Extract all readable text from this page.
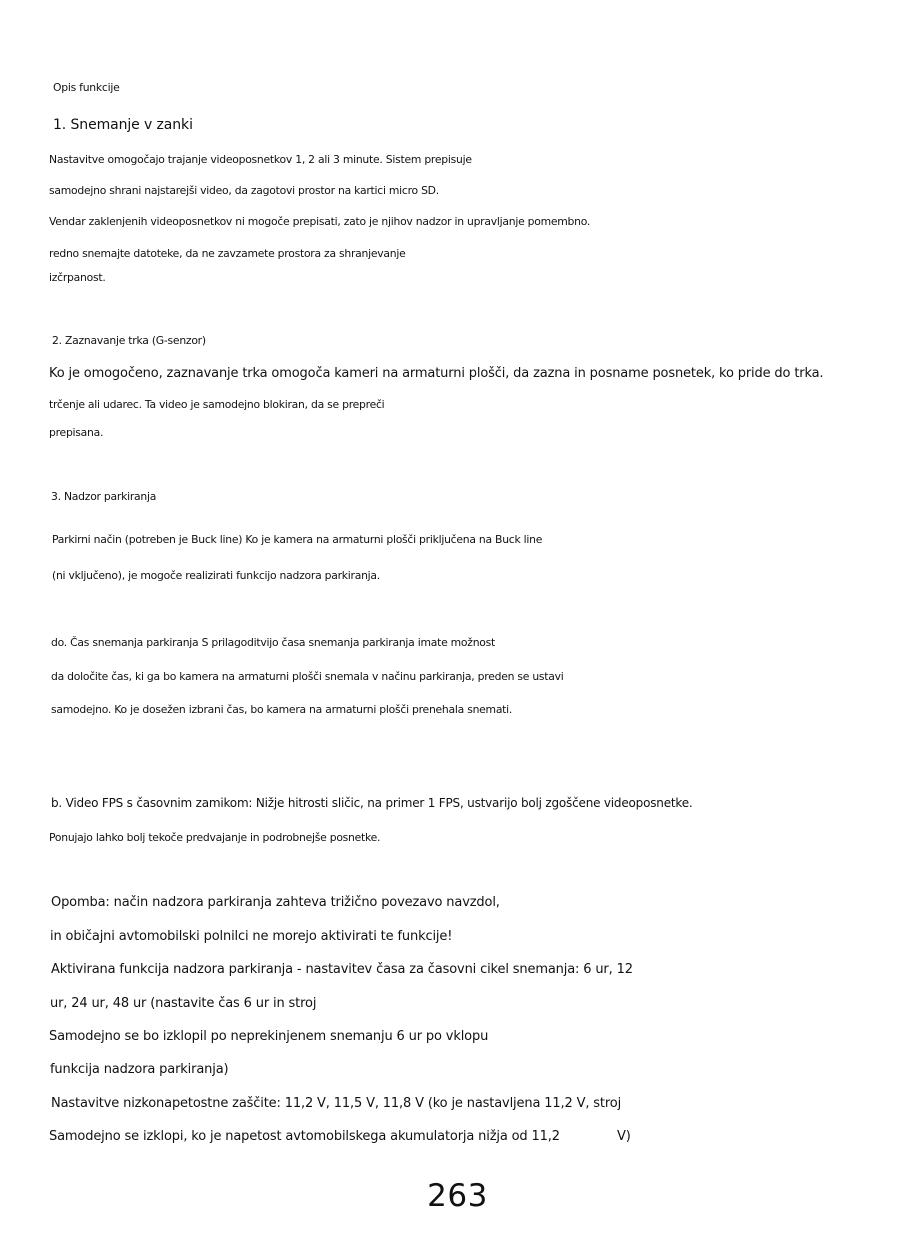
Opis funkcije

1. Snemanje v zanki

Nastavitve omogočajo trajanje videoposnetkov 1, 2 ali 3 minute. Sistem prepisuje

samodejno shrani najstarejši video, da zagotovi prostor na kartici micro SD.

Vendar zaklenjenih videoposnetkov ni mogoče prepisati, zato je njihov nadzor in upravljanje pomembno.

redno snemajte datoteke, da ne zavzamete prostora za shranjevanje

izčrpanost.

2. Zaznavanje trka (G-senzor)

Ko je omogočeno, zaznavanje trka omogoča kameri na armaturni plošči, da zazna in posname posnetek, ko pride do trka.

trčenje ali udarec. Ta video je samodejno blokiran, da se prepreči

prepisana.

3. Nadzor parkiranja

Parkirni način (potreben je Buck line) Ko je kamera na armaturni plošči priključena na Buck line

(ni vključeno), je mogoče realizirati funkcijo nadzora parkiranja.

do. Čas snemanja parkiranja S prilagoditvijo časa snemanja parkiranja imate možnost

da določite čas, ki ga bo kamera na armaturni plošči snemala v načinu parkiranja, preden se ustavi

samodejno. Ko je dosežen izbrani čas, bo kamera na armaturni plošči prenehala snemati.

b. Video FPS s časovnim zamikom: Nižje hitrosti sličic, na primer 1 FPS, ustvarijo bolj zgoščene videoposnetke.

Ponujajo lahko bolj tekoče predvajanje in podrobnejše posnetke.

Opomba: način nadzora parkiranja zahteva trižično povezavo navzdol,

in običajni avtomobilski polnilci ne morejo aktivirati te funkcije!

Aktivirana funkcija nadzora parkiranja - nastavitev časa za časovni cikel snemanja: 6 ur, 12

ur, 24 ur, 48 ur (nastavite čas 6 ur in stroj

Samodejno se bo izklopil po neprekinjenem snemanju 6 ur po vklopu

funkcija nadzora parkiranja)

Nastavitve nizkonapetostne zaščite: 11,2 V, 11,5 V, 11,8 V (ko je nastavljena 11,2 V, stroj

Samodejno se izklopi, ko je napetost avtomobilskega akumulatorja nižja od 11,2	V)

263
